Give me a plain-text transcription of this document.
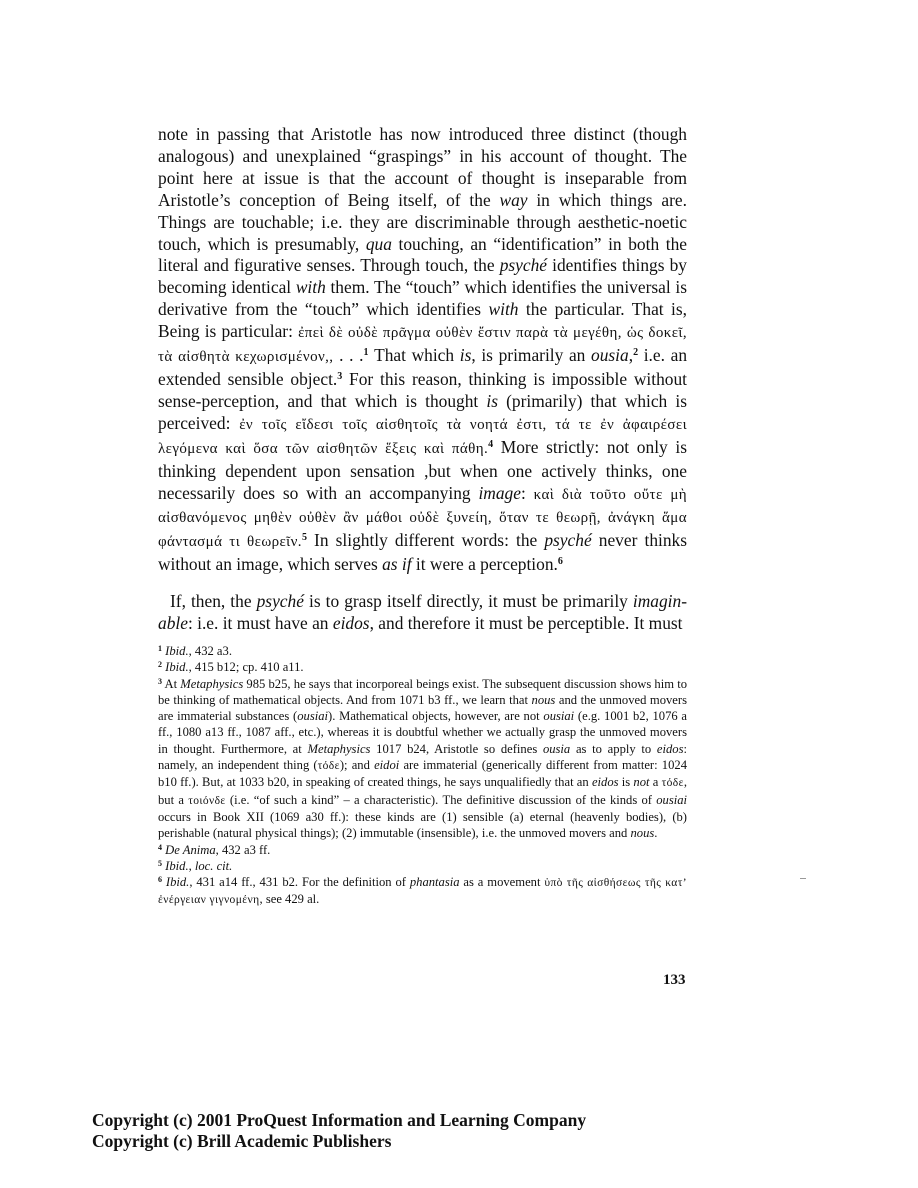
note in passing that Aristotle has now introduced three distinct (though analogous) and unexplained “graspings” in his account of thought. The point here at issue is that the account of thought is inseparable from Aristotle’s conception of Being itself, of the way in which things are. Things are touchable; i.e. they are discriminable through aesthetic-noetic touch, which is presumably, qua touching, an “identification” in both the literal and figurative senses. Through touch, the psyché identifies things by becoming identical with them. The “touch” which identifies the universal is derivative from the “touch” which identifies with the particular. That is, Being is particular: ἐπεὶ δὲ οὐδὲ πρᾶγμα οὐθὲν ἔστιν παρὰ τὰ μεγέθη, ὡς δοκεῖ, τὰ αἰσθητὰ κεχωρισμένον,, . . .$^1$ That which is, is primarily an ousia,$^2$ i.e. an extended sensible object.$^3$ For this reason, thinking is impossible without sense-perception, and that which is thought is (primarily) that which is perceived: ἐν τοῖς εἴδεσι τοῖς αἰσθητοῖς τὰ νοητά ἐστι, τά τε ἐν ἀφαιρέσει λεγόμενα καὶ ὅσα τῶν αἰσθητῶν ἕξεις καὶ πάθη.$^4$ More strictly: not only is thinking dependent upon sensation ,but when one actively thinks, one necessarily does so with an accompanying image: καὶ διὰ τοῦτο οὔτε μὴ αἰσθανόμενος μηθὲν οὐθὲν ἂν μάθοι οὐδὲ ξυνείη, ὅταν τε θεωρῇ, ἀνάγκη ἅμα φάντασμά τι θεωρεῖν.$^5$ In slightly different words: the psyché never thinks without an image, which serves as if it were a perception.$^6$

If, then, the psyché is to grasp itself directly, it must be primarily imagin-able: i.e. it must have an eidos, and therefore it must be perceptible. It must

$^1$ Ibid., 432 a3.

$^2$ Ibid., 415 b12; cp. 410 a11.

$^3$ At Metaphysics 985 b25, he says that incorporeal beings exist. The subsequent discussion shows him to be thinking of mathematical objects. And from 1071 b3 ff., we learn that nous and the unmoved movers are immaterial substances (ousiai). Mathematical objects, however, are not ousiai (e.g. 1001 b2, 1076 a ff., 1080 a13 ff., 1087 aff., etc.), whereas it is doubtful whether we actually grasp the unmoved movers in thought. Furthermore, at Metaphysics 1017 b24, Aristotle so defines ousia as to apply to eidos: namely, an independent thing (τόδε); and eidoi are immaterial (generically different from matter: 1024 b10 ff.). But, at 1033 b20, in speaking of created things, he says unqualifiedly that an eidos is not a τόδε, but a τοιόνδε (i.e. “of such a kind” – a characteristic). The definitive discussion of the kinds of ousiai occurs in Book XII (1069 a30 ff.): these kinds are (1) sensible (a) eternal (heavenly bodies), (b) perishable (natural physical things); (2) immutable (insensible), i.e. the unmoved movers and nous.

$^4$ De Anima, 432 a3 ff.

$^5$ Ibid., loc. cit.

$^6$ Ibid., 431 a14 ff., 431 b2. For the definition of phantasia as a movement ὑπὸ τῆς αἰσθήσεως τῆς κατ’ ἐνέργειαν γιγνομένη, see 429 al.

133
Copyright (c) 2001 ProQuest Information and Learning Company
Copyright (c) Brill Academic Publishers
